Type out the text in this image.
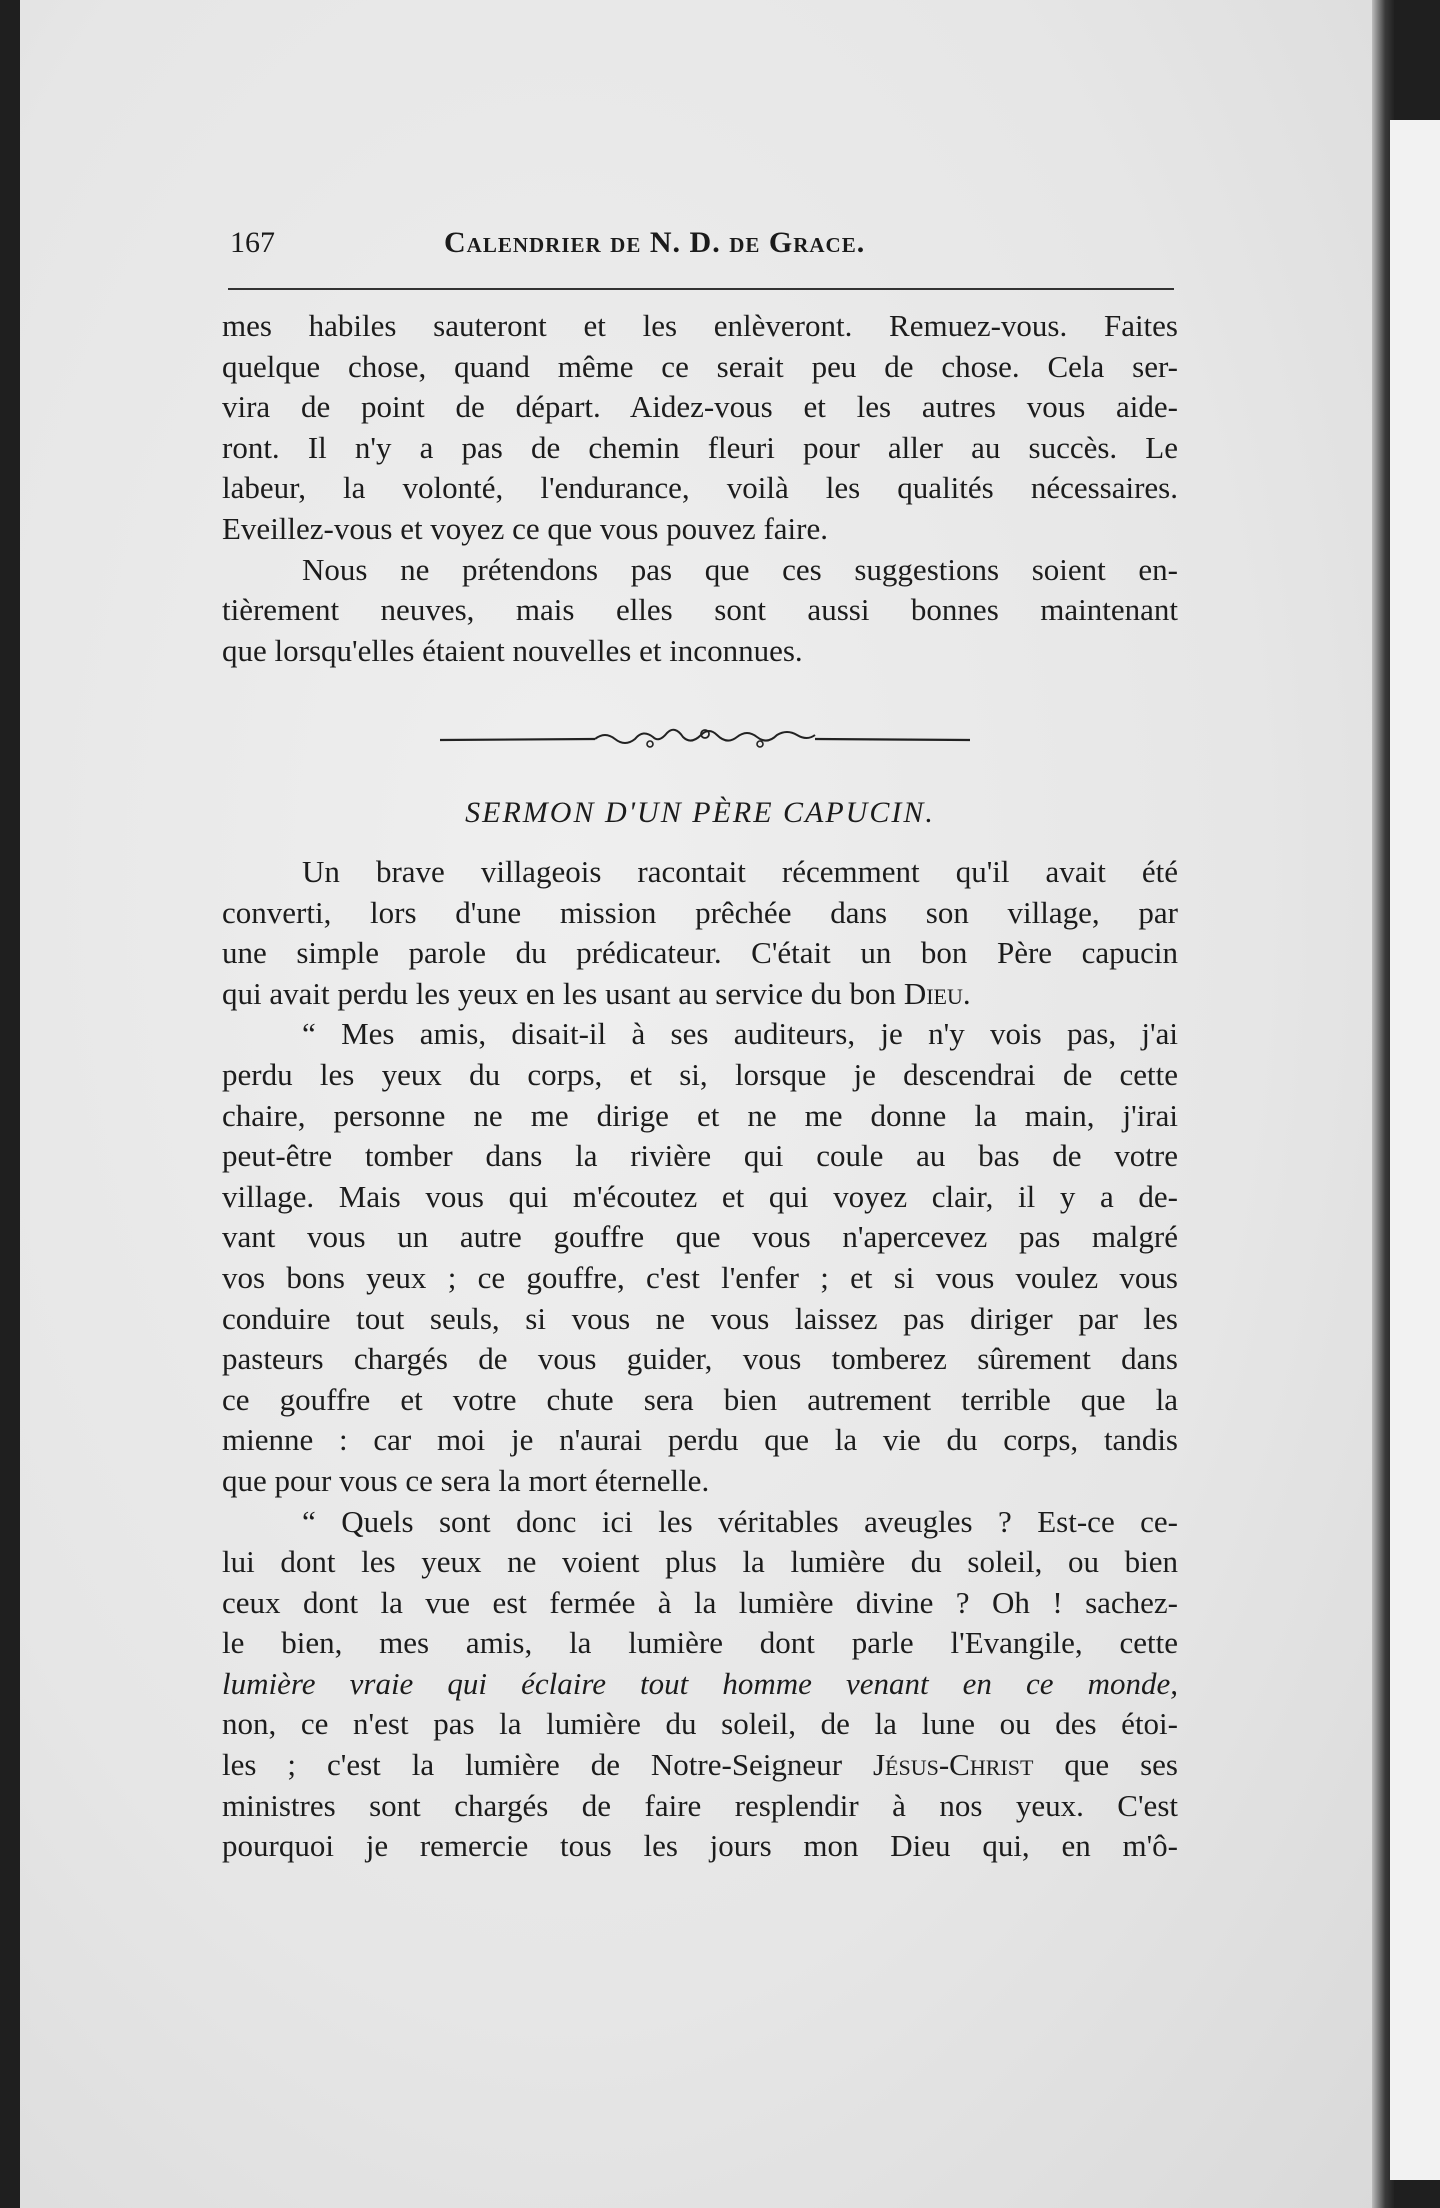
167	Calendrier de N. D. de Grace.
mes habiles sauteront et les enlèveront. Remuez-vous. Faites
quelque chose, quand même ce serait peu de chose. Cela ser-
vira de point de départ. Aidez-vous et les autres vous aide-
ront. Il n'y a pas de chemin fleuri pour aller au succès. Le
labeur, la volonté, l'endurance, voilà les qualités nécessaires.
Eveillez-vous et voyez ce que vous pouvez faire.
Nous ne prétendons pas que ces suggestions soient en-
tièrement neuves, mais elles sont aussi bonnes maintenant
que lorsqu'elles étaient nouvelles et inconnues.
SERMON D'UN PÈRE CAPUCIN.
Un brave villageois racontait récemment qu'il avait été
converti, lors d'une mission prêchée dans son village, par
une simple parole du prédicateur. C'était un bon Père capucin
qui avait perdu les yeux en les usant au service du bon Dieu.
“ Mes amis, disait-il à ses auditeurs, je n'y vois pas, j'ai
perdu les yeux du corps, et si, lorsque je descendrai de cette
chaire, personne ne me dirige et ne me donne la main, j'irai
peut-être tomber dans la rivière qui coule au bas de votre
village. Mais vous qui m'écoutez et qui voyez clair, il y a de-
vant vous un autre gouffre que vous n'apercevez pas malgré
vos bons yeux ; ce gouffre, c'est l'enfer ; et si vous voulez vous
conduire tout seuls, si vous ne vous laissez pas diriger par les
pasteurs chargés de vous guider, vous tomberez sûrement dans
ce gouffre et votre chute sera bien autrement terrible que la
mienne : car moi je n'aurai perdu que la vie du corps, tandis
que pour vous ce sera la mort éternelle.
“ Quels sont donc ici les véritables aveugles ? Est-ce ce-
lui dont les yeux ne voient plus la lumière du soleil, ou bien
ceux dont la vue est fermée à la lumière divine ? Oh ! sachez-
le bien, mes amis, la lumière dont parle l'Evangile, cette
lumière vraie qui éclaire tout homme venant en ce monde,
non, ce n'est pas la lumière du soleil, de la lune ou des étoi-
les ; c'est la lumière de Notre-Seigneur Jésus-Christ que ses
ministres sont chargés de faire resplendir à nos yeux. C'est
pourquoi je remercie tous les jours mon Dieu qui, en m'ô-
